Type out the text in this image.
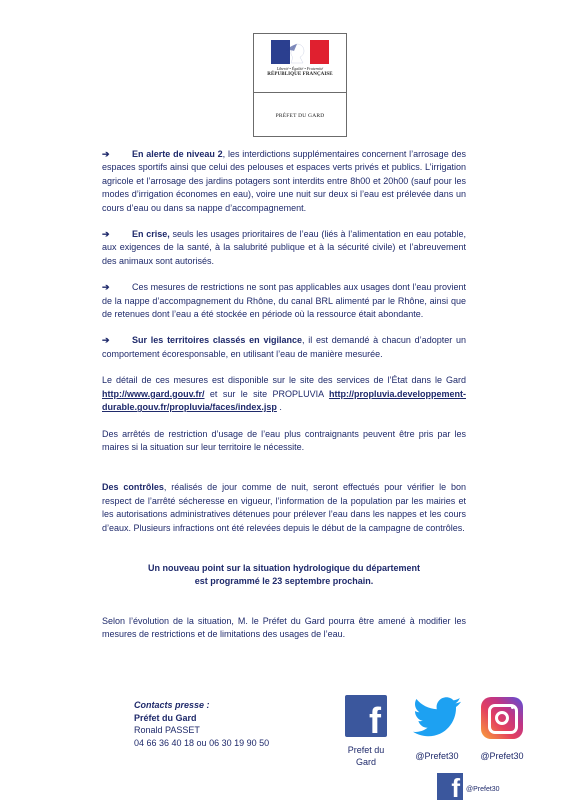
Liberté • Égalité • Fraternité
RÉPUBLIQUE FRANÇAISE
PRÉFET DU GARD

➔ En alerte de niveau 2, les interdictions supplémentaires concernent l’arrosage des espaces sportifs ainsi que celui des pelouses et espaces verts privés et publics. L’irrigation agricole et l’arrosage des jardins potagers sont interdits entre 8h00 et 20h00 (sauf pour les modes d’irrigation économes en eau), voire une nuit sur deux si l’eau est prélevée dans un cours d’eau ou dans sa nappe d’accompagnement.

➔ En crise, seuls les usages prioritaires de l’eau (liés à l’alimentation en eau potable, aux exigences de la santé, à la salubrité publique et à la sécurité civile) et l’abreuvement des animaux sont autorisés.

➔ Ces mesures de restrictions ne sont pas applicables aux usages dont l’eau provient de la nappe d’accompagnement du Rhône, du canal BRL alimenté par le Rhône, ainsi que de retenues dont l’eau a été stockée en période où la ressource était abondante.

➔ Sur les territoires classés en vigilance, il est demandé à chacun d’adopter un comportement écoresponsable, en utilisant l’eau de manière mesurée.

Le détail de ces mesures est disponible sur le site des services de l’État dans le Gard http://www.gard.gouv.fr/ et sur le site PROPLUVIA http://propluvia.developpement-durable.gouv.fr/propluvia/faces/index.jsp .

Des arrêtés de restriction d’usage de l’eau plus contraignants peuvent être pris par les maires si la situation sur leur territoire le nécessite.

Des contrôles, réalisés de jour comme de nuit, seront effectués pour vérifier le bon respect de l’arrêté sécheresse en vigueur, l’information de la population par les mairies et les autorisations administratives détenues pour prélever l’eau dans les nappes et les cours d’eaux. Plusieurs infractions ont été relevées depuis le début de la campagne de contrôles.

Un nouveau point sur la situation hydrologique du département
est programmé le 23 septembre prochain.

Selon l’évolution de la situation, M. le Préfet du Gard pourra être amené à modifier les mesures de restrictions et de limitations des usages de l’eau.

Contacts presse :
Préfet du Gard
Ronald PASSET
04 66 36 40 18 ou 06 30 19 90 50
f
Prefet du
Gard
@Prefet30	@Prefet30
f @Prefet30
